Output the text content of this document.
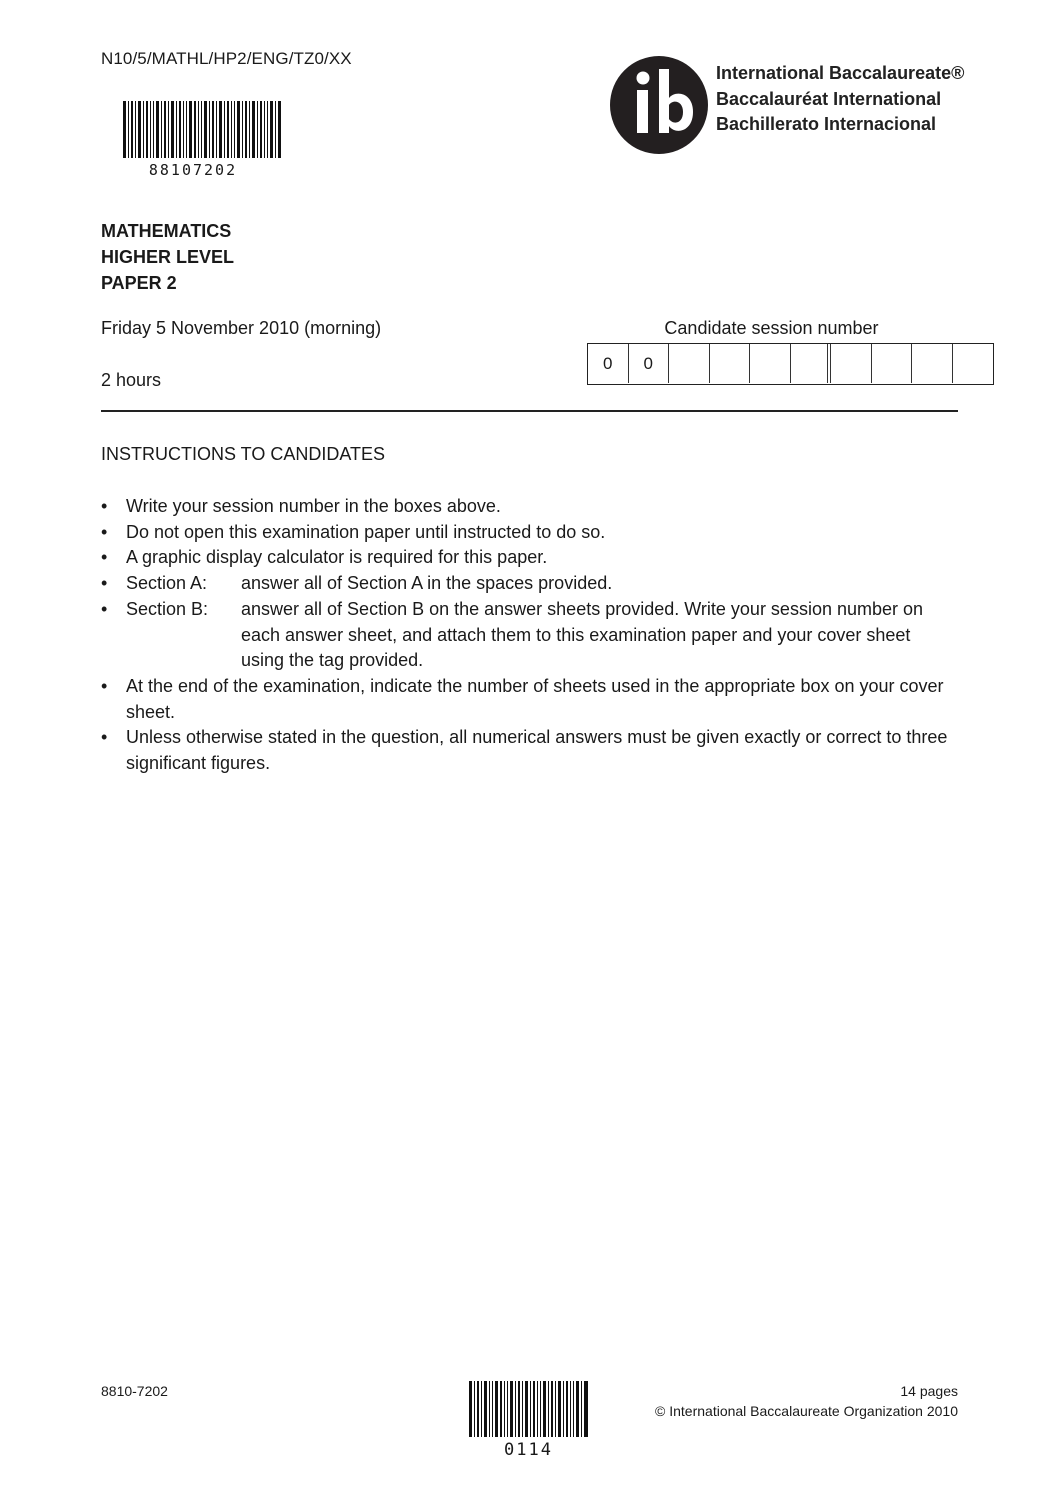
N10/5/MATHL/HP2/ENG/TZ0/XX
88107202
International Baccalaureate®
Baccalauréat International
Bachillerato Internacional
MATHEMATICS
HIGHER LEVEL
PAPER 2
Friday 5 November 2010 (morning)
2 hours
Candidate session number
0	0
INSTRUCTIONS TO CANDIDATES
• Write your session number in the boxes above.
• Do not open this examination paper until instructed to do so.
• A graphic display calculator is required for this paper.
• Section A:	answer all of Section A in the spaces provided.
• Section B:	answer all of Section B on the answer sheets provided. Write your session number on each answer sheet, and attach them to this examination paper and your cover sheet using the tag provided.
• At the end of the examination, indicate the number of sheets used in the appropriate box on your cover sheet.
• Unless otherwise stated in the question, all numerical answers must be given exactly or correct to three significant figures.
8810-7202
0114
14 pages
© International Baccalaureate Organization 2010
